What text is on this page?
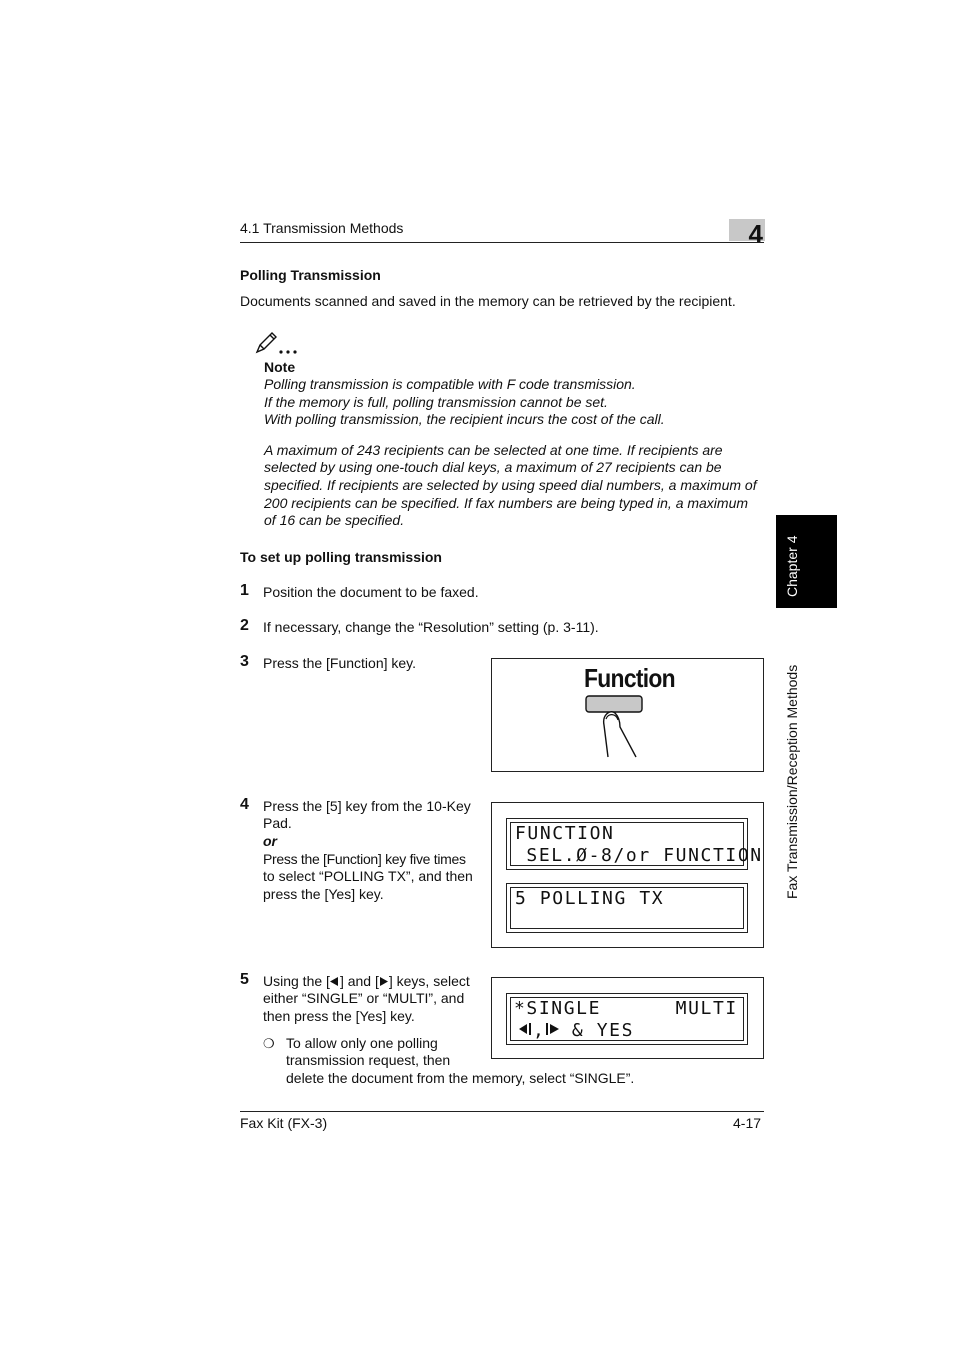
4.1 Transmission Methods	4
Polling Transmission
Documents scanned and saved in the memory can be retrieved by the recipient.
Note
Polling transmission is compatible with F code transmission.
If the memory is full, polling transmission cannot be set.
With polling transmission, the recipient incurs the cost of the call.
A maximum of 243 recipients can be selected at one time. If recipients are
selected by using one-touch dial keys, a maximum of 27 recipients can be
specified. If recipients are selected by using speed dial numbers, a maximum of
200 recipients can be specified. If fax numbers are being typed in, a maximum
of 16 can be specified.
To set up polling transmission
1 Position the document to be faxed.
2 If necessary, change the “Resolution” setting (p. 3-11).
3 Press the [Function] key.	Function
4 Press the [5] key from the 10-Key
Pad.
or
Press the [Function] key five times
to select “POLLING TX”, and then
press the [Yes] key.
FUNCTION
SEL.Ø-8/or FUNCTION
5 POLLING TX
5 Using the [ ] and [ ] keys, select
either “SINGLE” or “MULTI”, and
then press the [Yes] key.
❍ To allow only one polling
transmission request, then
delete the document from the memory, select “SINGLE”.
*SINGLE      MULTI
, & YES
Chapter 4
Fax Transmission/Reception Methods
Fax Kit (FX-3)	4-17
